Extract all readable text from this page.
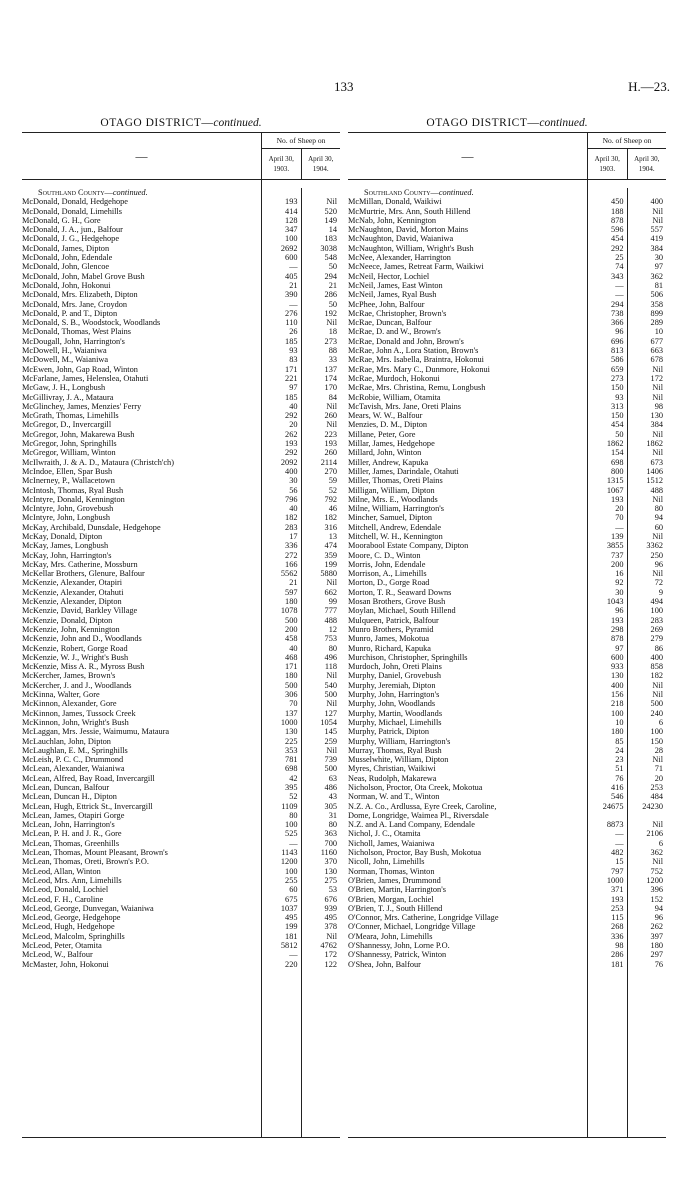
133	H.—23.
OTAGO DISTRICT—continued.
—
No. of Sheep on
April 30,
1903.
April 30,
1904.
Southland County—continued.
McDonald, Donald, Hedgehope
McDonald, Donald, Limehills
McDonald, G. H., Gore
McDonald, J. A., jun., Balfour
McDonald, J. G., Hedgehope
McDonald, James, Dipton
McDonald, John, Edendale
McDonald, John, Glencoe
McDonald, John, Mabel Grove Bush
McDonald, John, Hokonui
McDonald, Mrs. Elizabeth, Dipton
McDonald, Mrs. Jane, Croydon
McDonald, P. and T., Dipton
McDonald, S. B., Woodstock, Woodlands
McDonald, Thomas, West Plains
McDougall, John, Harrington's
McDowell, H., Waianiwa
McDowell, M., Waianiwa
McEwen, John, Gap Road, Winton
McFarlane, James, Helenslea, Otahuti
McGaw, J. H., Longbush
McGillivray, J. A., Mataura
McGlinchey, James, Menzies' Ferry
McGrath, Thomas, Limehills
McGregor, D., Invercargill
McGregor, John, Makarewa Bush
McGregor, John, Springhills
McGregor, William, Winton
McIlwraith, J. & A. D., Mataura (Christch'ch)
McIndoe, Ellen, Spar Bush
McInerney, P., Wallacetown
McIntosh, Thomas, Ryal Bush
McIntyre, Donald, Kennington
McIntyre, John, Grovebush
McIntyre, John, Longbush
McKay, Archibald, Dunsdale, Hedgehope
McKay, Donald, Dipton
McKay, James, Longbush
McKay, John, Harrington's
McKay, Mrs. Catherine, Mossburn
McKellar Brothers, Glenure, Balfour
McKenzie, Alexander, Otapiri
McKenzie, Alexander, Otahuti
McKenzie, Alexander, Dipton
McKenzie, David, Barkley Village
McKenzie, Donald, Dipton
McKenzie, John, Kennington
McKenzie, John and D., Woodlands
McKenzie, Robert, Gorge Road
McKenzie, W. J., Wright's Bush
McKenzie, Miss A. R., Myross Bush
McKercher, James, Brown's
McKercher, J. and J., Woodlands
McKinna, Walter, Gore
McKinnon, Alexander, Gore
McKinnon, James, Tussock Creek
McKinnon, John, Wright's Bush
McLaggan, Mrs. Jessie, Waimumu, Mataura
McLauchlan, John, Dipton
McLaughlan, E. M., Springhills
McLeish, P. C. C., Drummond
McLean, Alexander, Waianiwa
McLean, Alfred, Bay Road, Invercargill
McLean, Duncan, Balfour
McLean, Duncan H., Dipton
McLean, Hugh, Ettrick St., Invercargill
McLean, James, Otapiri Gorge
McLean, John, Harrington's
McLean, P. H. and J. R., Gore
McLean, Thomas, Greenhills
McLean, Thomas, Mount Pleasant, Brown's
McLean, Thomas, Oreti, Brown's P.O.
McLeod, Allan, Winton
McLeod, Mrs. Ann, Limehills
McLeod, Donald, Lochiel
McLeod, F. H., Caroline
McLeod, George, Dunvegan, Waianiwa
McLeod, George, Hedgehope
McLeod, Hugh, Hedgehope
McLeod, Malcolm, Springhills
McLeod, Peter, Otamita
McLeod, W., Balfour
McMaster, John, Hokonui
193
414
128
347
100
2692
600
—
405
21
390
—
276
110
26
185
93
83
171
221
97
185
40
292
20
262
193
292
2092
400
30
56
796
40
182
283
17
336
272
166
5562
21
597
180
1078
500
200
458
40
468
171
180
500
306
70
137
1000
130
225
353
781
698
42
395
52
1109
80
100
525
—
1143
1200
100
255
60
675
1037
495
199
181
5812
—
220
Nil
520
149
14
183
3038
548
50
294
21
286
50
192
Nil
18
273
88
33
137
174
170
84
Nil
260
Nil
223
193
260
2114
270
59
52
792
46
182
316
13
474
359
199
5880
Nil
662
99
777
488
12
753
80
496
118
Nil
540
500
Nil
127
1054
145
259
Nil
739
500
63
486
43
305
31
80
363
700
1160
370
130
275
53
676
939
495
378
Nil
4762
172
122
OTAGO DISTRICT—continued.
—
No. of Sheep on
April 30,
1903.
April 30,
1904.
Southland County—continued.
McMillan, Donald, Waikiwi
McMurtrie, Mrs. Ann, South Hillend
McNab, John, Kennington
McNaughton, David, Morton Mains
McNaughton, David, Waianiwa
McNaughton, William, Wright's Bush
McNee, Alexander, Harrington
McNeece, James, Retreat Farm, Waikiwi
McNeil, Hector, Lochiel
McNeil, James, East Winton
McNeil, James, Ryal Bush
McPhee, John, Balfour
McRae, Christopher, Brown's
McRae, Duncan, Balfour
McRae, D. and W., Brown's
McRae, Donald and John, Brown's
McRae, John A., Lora Station, Brown's
McRae, Mrs. Isabella, Braintra, Hokonui
McRae, Mrs. Mary C., Dunmore, Hokonui
McRae, Murdoch, Hokonui
McRae, Mrs. Christina, Remu, Longbush
McRobie, William, Otamita
McTavish, Mrs. Jane, Oreti Plains
Mears, W. W., Balfour
Menzies, D. M., Dipton
Millane, Peter, Gore
Millar, James, Hedgehope
Millard, John, Winton
Miller, Andrew, Kapuka
Miller, James, Darindale, Otahuti
Miller, Thomas, Oreti Plains
Milligan, William, Dipton
Milne, Mrs. E., Woodlands
Milne, William, Harrington's
Mincher, Samuel, Dipton
Mitchell, Andrew, Edendale
Mitchell, W. H., Kennington
Moorabool Estate Company, Dipton
Moore, C. D., Winton
Morris, John, Edendale
Morrison, A., Limehills
Morton, D., Gorge Road
Morton, T. R., Seaward Downs
Mosan Brothers, Grove Bush
Moylan, Michael, South Hillend
Mulqueen, Patrick, Balfour
Munro Brothers, Pyramid
Munro, James, Mokotua
Munro, Richard, Kapuka
Murchison, Christopher, Springhills
Murdoch, John, Oreti Plains
Murphy, Daniel, Grovebush
Murphy, Jeremiah, Dipton
Murphy, John, Harrington's
Murphy, John, Woodlands
Murphy, Martin, Woodlands
Murphy, Michael, Limehills
Murphy, Patrick, Dipton
Murphy, William, Harrington's
Murray, Thomas, Ryal Bush
Musselwhite, William, Dipton
Myres, Christian, Waikiwi
Neas, Rudolph, Makarewa
Nicholson, Proctor, Ota Creek, Mokotua
Norman, W. and T., Winton
N.Z. A. Co., Ardlussa, Eyre Creek, Caroline,
Dome, Longridge, Waimea Pl., Riversdale
N.Z. and A. Land Company, Edendale
Nichol, J. C., Otamita
Nicholl, James, Waianiwa
Nicholson, Proctor, Bay Bush, Mokotua
Nicoll, John, Limehills
Norman, Thomas, Winton
O'Brien, James, Drummond
O'Brien, Martin, Harrington's
O'Brien, Morgan, Lochiel
O'Brien, T. J., South Hillend
O'Connor, Mrs. Catherine, Longridge Village
O'Conner, Michael, Longridge Village
O'Meara, John, Limehills
O'Shannessy, John, Lorne P.O.
O'Shannessy, Patrick, Winton
O'Shea, John, Balfour
450
188
878
596
454
292
25
74
343
—
—
294
738
366
96
696
813
586
659
273
150
93
313
150
454
50
1862
154
698
800
1315
1067
193
20
70
—
139
3855
737
200
16
92
30
1043
96
193
298
878
97
600
933
130
400
156
218
100
10
180
85
24
23
51
76
416
546
24675
8873
—
—
482
15
797
1000
371
193
253
115
268
336
98
286
181
400
Nil
Nil
557
419
384
30
97
362
81
506
358
899
289
10
677
663
678
Nil
172
Nil
Nil
98
130
384
Nil
1862
Nil
673
1406
1512
488
Nil
80
94
60
Nil
3362
250
96
Nil
72
9
494
100
283
269
279
86
400
858
182
Nil
Nil
500
240
6
100
150
28
Nil
71
20
253
484
24230
Nil
2106
6
362
Nil
752
1200
396
152
94
96
262
397
180
297
76
